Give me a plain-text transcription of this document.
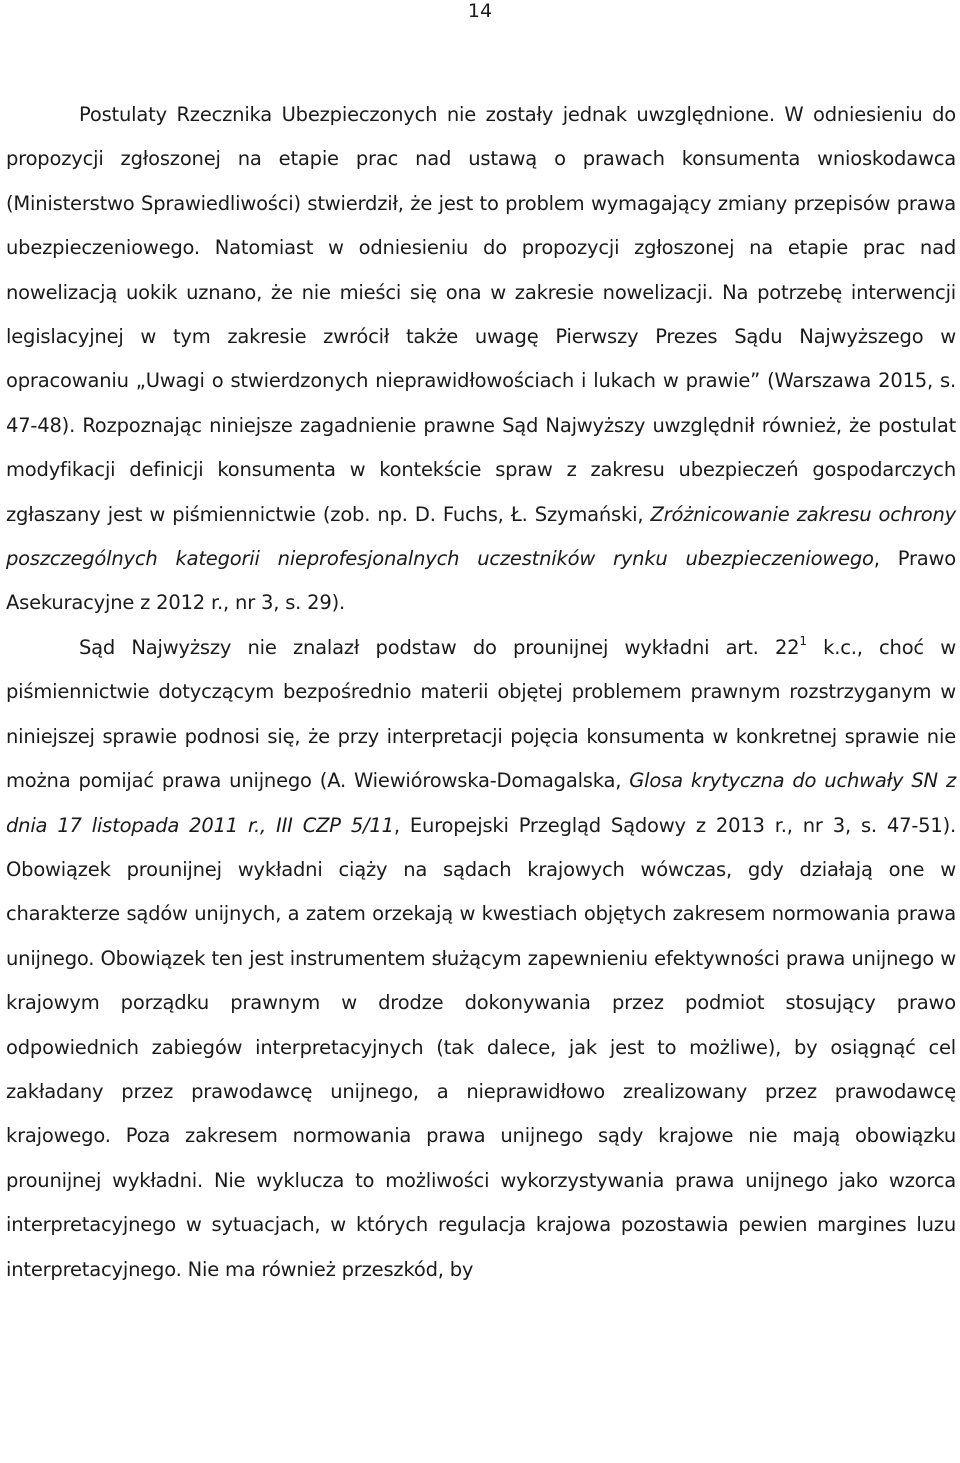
14

Postulaty Rzecznika Ubezpieczonych nie zostały jednak uwzględnione. W odniesieniu do propozycji zgłoszonej na etapie prac nad ustawą o prawach konsumenta wnioskodawca (Ministerstwo Sprawiedliwości) stwierdził, że jest to problem wymagający zmiany przepisów prawa ubezpieczeniowego. Natomiast w odniesieniu do propozycji zgłoszonej na etapie prac nad nowelizacją uokik uznano, że nie mieści się ona w zakresie nowelizacji. Na potrzebę interwencji legislacyjnej w tym zakresie zwrócił także uwagę Pierwszy Prezes Sądu Najwyższego w opracowaniu „Uwagi o stwierdzonych nieprawidłowościach i lukach w prawie” (Warszawa 2015, s. 47-48). Rozpoznając niniejsze zagadnienie prawne Sąd Najwyższy uwzględnił również, że postulat modyfikacji definicji konsumenta w kontekście spraw z zakresu ubezpieczeń gospodarczych zgłaszany jest w piśmiennictwie (zob. np. D. Fuchs, Ł. Szymański, Zróżnicowanie zakresu ochrony poszczególnych kategorii nieprofesjonalnych uczestników rynku ubezpieczeniowego, Prawo Asekuracyjne z 2012 r., nr 3, s. 29).

Sąd Najwyższy nie znalazł podstaw do prounijnej wykładni art. $22^1$ k.c., choć w piśmiennictwie dotyczącym bezpośrednio materii objętej problemem prawnym rozstrzyganym w niniejszej sprawie podnosi się, że przy interpretacji pojęcia konsumenta w konkretnej sprawie nie można pomijać prawa unijnego (A. Wiewiórowska-Domagalska, Glosa krytyczna do uchwały SN z dnia 17 listopada 2011 r., III CZP 5/11, Europejski Przegląd Sądowy z 2013 r., nr 3, s. 47-51). Obowiązek prounijnej wykładni ciąży na sądach krajowych wówczas, gdy działają one w charakterze sądów unijnych, a zatem orzekają w kwestiach objętych zakresem normowania prawa unijnego. Obowiązek ten jest instrumentem służącym zapewnieniu efektywności prawa unijnego w krajowym porządku prawnym w drodze dokonywania przez podmiot stosujący prawo odpowiednich zabiegów interpretacyjnych (tak dalece, jak jest to możliwe), by osiągnąć cel zakładany przez prawodawcę unijnego, a nieprawidłowo zrealizowany przez prawodawcę krajowego. Poza zakresem normowania prawa unijnego sądy krajowe nie mają obowiązku prounijnej wykładni. Nie wyklucza to możliwości wykorzystywania prawa unijnego jako wzorca interpretacyjnego w sytuacjach, w których regulacja krajowa pozostawia pewien margines luzu interpretacyjnego. Nie ma również przeszkód, by
